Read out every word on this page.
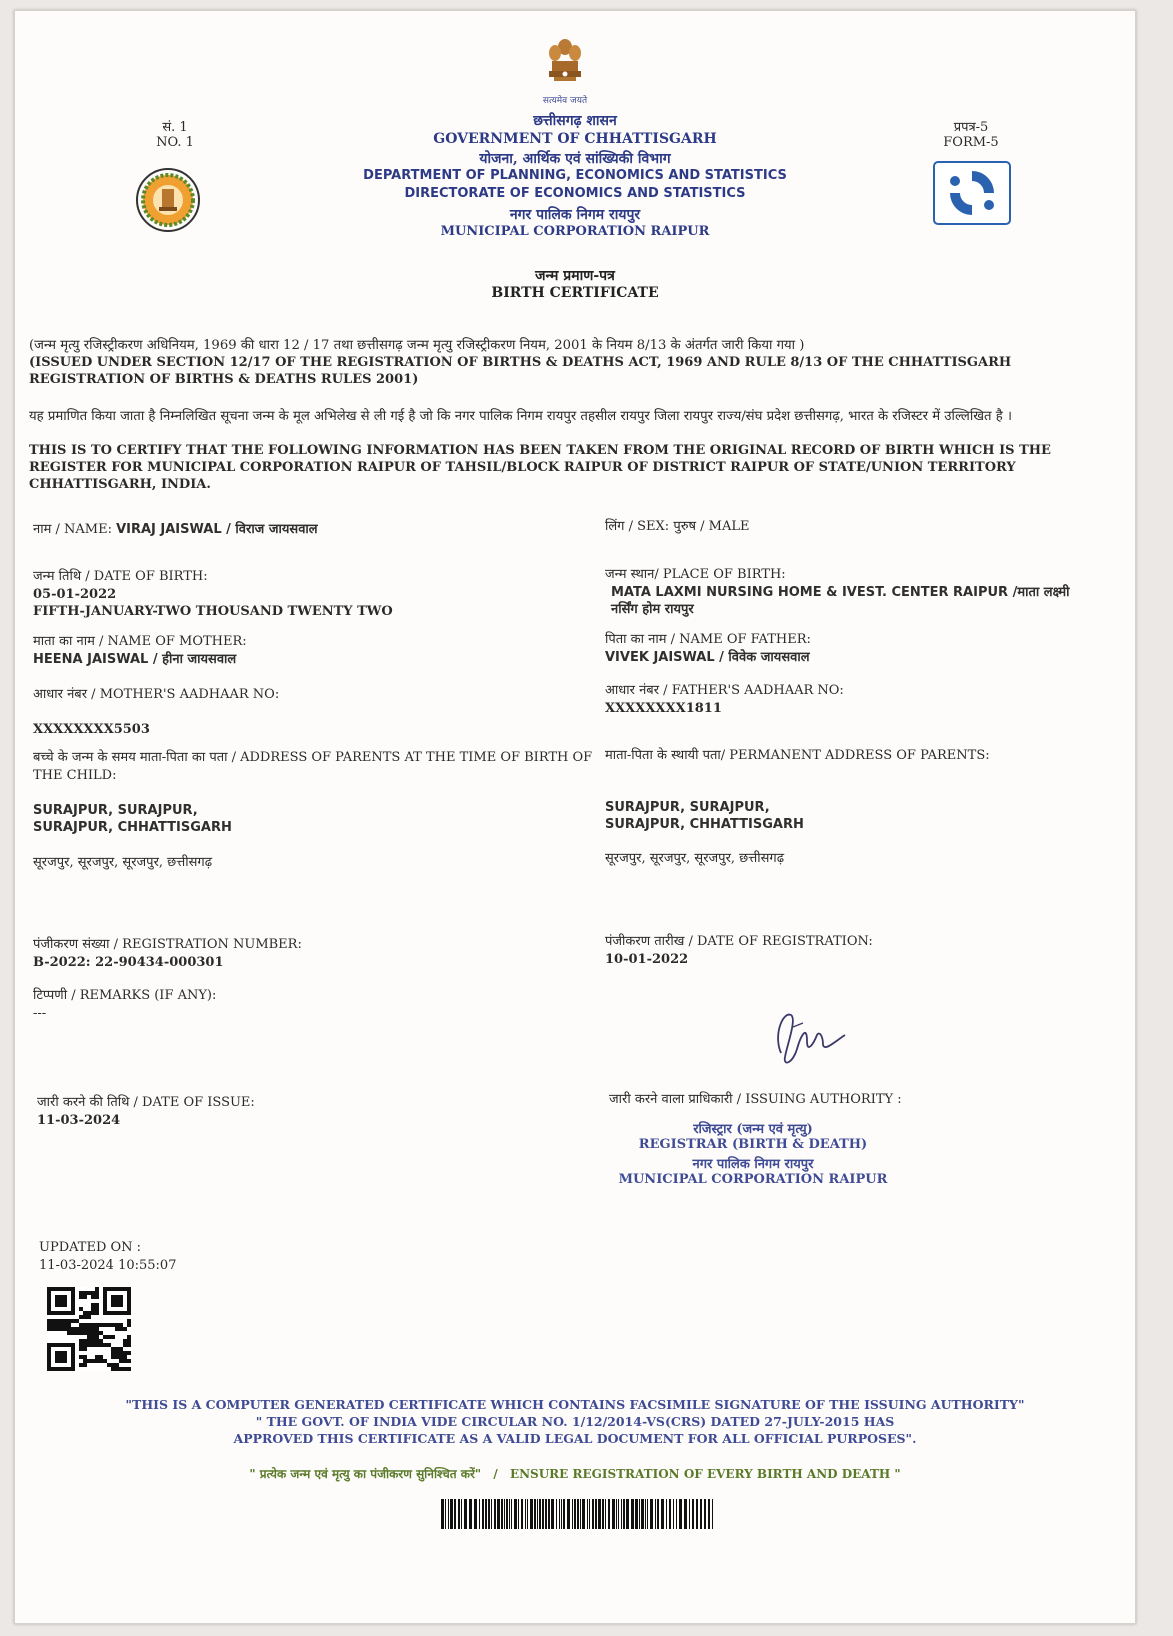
सत्यमेव जयते
सं. 1
NO. 1
प्रपत्र-5
FORM-5
छत्तीसगढ़ शासन
GOVERNMENT OF CHHATTISGARH
योजना, आर्थिक एवं सांख्यिकी विभाग
DEPARTMENT OF PLANNING, ECONOMICS AND STATISTICS
DIRECTORATE OF ECONOMICS AND STATISTICS
नगर पालिक निगम रायपुर
MUNICIPAL CORPORATION RAIPUR
जन्म प्रमाण-पत्र
BIRTH CERTIFICATE
(जन्म मृत्यु रजिस्ट्रीकरण अधिनियम, 1969 की धारा 12 / 17 तथा छत्तीसगढ़ जन्म मृत्यु रजिस्ट्रीकरण नियम, 2001 के नियम 8/13 के अंतर्गत जारी किया गया )
(ISSUED UNDER SECTION 12/17 OF THE REGISTRATION OF BIRTHS & DEATHS ACT, 1969 AND RULE 8/13 OF THE CHHATTISGARH REGISTRATION OF BIRTHS & DEATHS RULES 2001)
यह प्रमाणित किया जाता है निम्नलिखित सूचना जन्म के मूल अभिलेख से ली गई है जो कि नगर पालिक निगम रायपुर तहसील रायपुर जिला रायपुर राज्य/संघ प्रदेश छत्तीसगढ़, भारत के रजिस्टर में उल्लिखित है ।
THIS IS TO CERTIFY THAT THE FOLLOWING INFORMATION HAS BEEN TAKEN FROM THE ORIGINAL RECORD OF BIRTH WHICH IS THE REGISTER FOR MUNICIPAL CORPORATION RAIPUR OF TAHSIL/BLOCK RAIPUR OF DISTRICT RAIPUR OF STATE/UNION TERRITORY CHHATTISGARH, INDIA.
नाम / NAME: VIRAJ JAISWAL / विराज जायसवाल
जन्म तिथि / DATE OF BIRTH:
05-01-2022
FIFTH-JANUARY-TWO THOUSAND TWENTY TWO
माता का नाम / NAME OF MOTHER:
HEENA JAISWAL / हीना जायसवाल
आधार नंबर / MOTHER'S AADHAAR NO:
XXXXXXXX5503
बच्चे के जन्म के समय माता-पिता का पता / ADDRESS OF PARENTS AT THE TIME OF BIRTH OF THE CHILD:
SURAJPUR, SURAJPUR, SURAJPUR, CHHATTISGARH
सूरजपुर, सूरजपुर, सूरजपुर, छत्तीसगढ़
पंजीकरण संख्या / REGISTRATION NUMBER:
B-2022: 22-90434-000301
टिप्पणी / REMARKS (IF ANY):
---
जारी करने की तिथि / DATE OF ISSUE:
11-03-2024
लिंग / SEX: पुरुष / MALE
जन्म स्थान/ PLACE OF BIRTH:
MATA LAXMI NURSING HOME & IVEST. CENTER RAIPUR /माता लक्ष्मी नर्सिंग होम रायपुर
पिता का नाम / NAME OF FATHER:
VIVEK JAISWAL / विवेक जायसवाल
आधार नंबर / FATHER'S AADHAAR NO:
XXXXXXXX1811
माता-पिता के स्थायी पता/ PERMANENT ADDRESS OF PARENTS:
SURAJPUR, SURAJPUR, SURAJPUR, CHHATTISGARH
सूरजपुर, सूरजपुर, सूरजपुर, छत्तीसगढ़
पंजीकरण तारीख / DATE OF REGISTRATION:
10-01-2022
जारी करने वाला प्राधिकारी / ISSUING AUTHORITY :
रजिस्ट्रार (जन्म एवं मृत्यु)
REGISTRAR (BIRTH & DEATH)
नगर पालिक निगम रायपुर
MUNICIPAL CORPORATION RAIPUR
UPDATED ON :
11-03-2024 10:55:07
"THIS IS A COMPUTER GENERATED CERTIFICATE WHICH CONTAINS FACSIMILE SIGNATURE OF THE ISSUING AUTHORITY"
" THE GOVT. OF INDIA VIDE CIRCULAR NO. 1/12/2014-VS(CRS) DATED 27-JULY-2015 HAS
APPROVED THIS CERTIFICATE AS A VALID LEGAL DOCUMENT FOR ALL OFFICIAL PURPOSES".
" प्रत्येक जन्म एवं मृत्यु का पंजीकरण सुनिश्चित करें" / ENSURE REGISTRATION OF EVERY BIRTH AND DEATH "
